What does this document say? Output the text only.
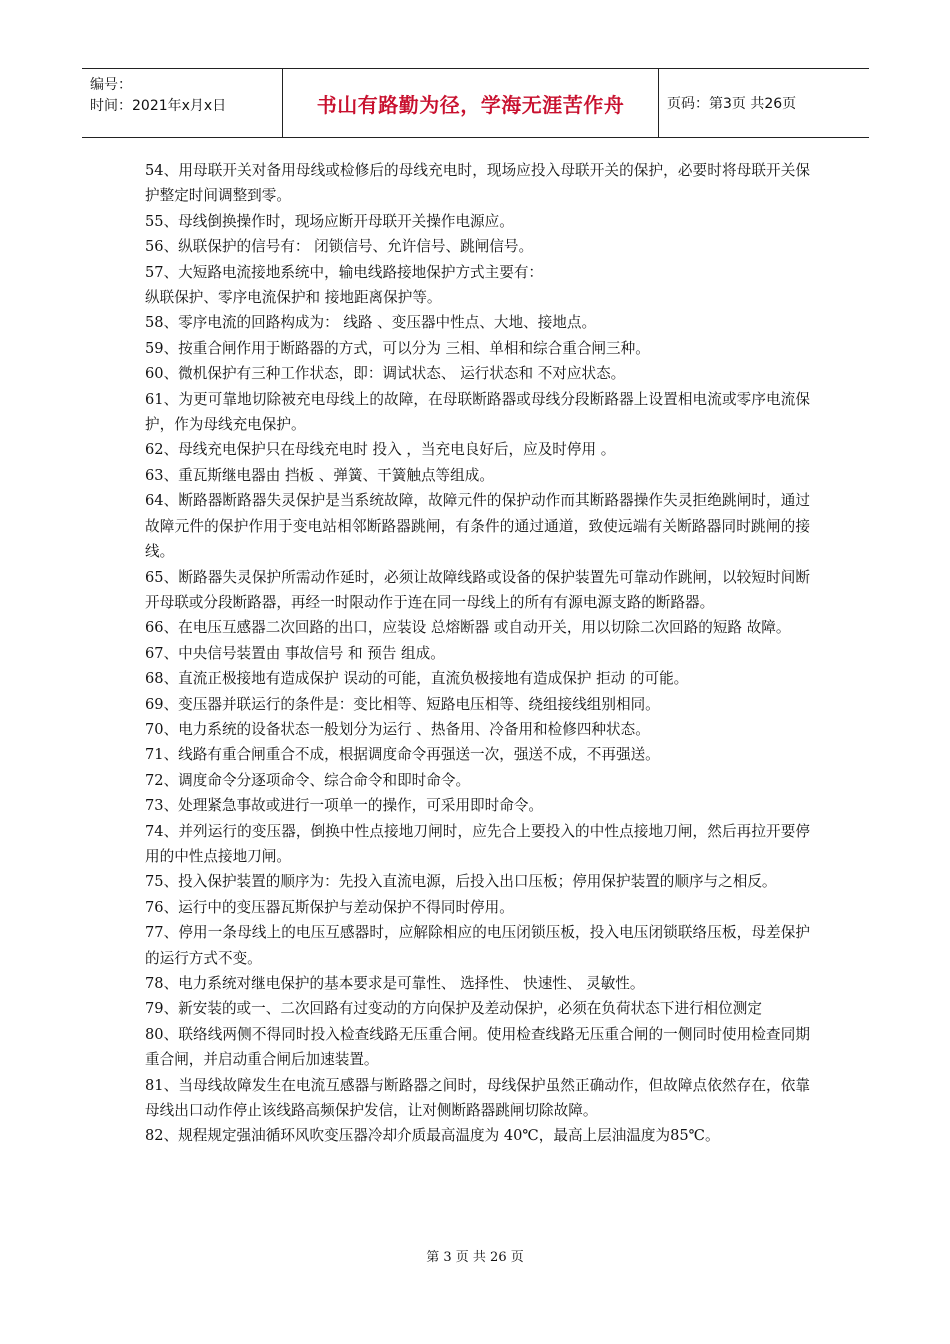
编号：
时间：2021年x月x日	书山有路勤为径，学海无涯苦作舟	页码：第3页 共26页

54、用母联开关对备用母线或检修后的母线充电时，现场应投入母联开关的保护，必要时将母联开关保护整定时间调整到零。

55、母线倒换操作时，现场应断开母联开关操作电源应。

56、纵联保护的信号有： 闭锁信号、允许信号、跳闸信号。

57、大短路电流接地系统中，输电线路接地保护方式主要有：

纵联保护、零序电流保护和 接地距离保护等。

58、零序电流的回路构成为： 线路 、变压器中性点、大地、接地点。

59、按重合闸作用于断路器的方式，可以分为 三相、单相和综合重合闸三种。

60、微机保护有三种工作状态，即：调试状态、 运行状态和 不对应状态。

61、为更可靠地切除被充电母线上的故障，在母联断路器或母线分段断路器上设置相电流或零序电流保护，作为母线充电保护。

62、母线充电保护只在母线充电时 投入 ，当充电良好后，应及时停用 。

63、重瓦斯继电器由 挡板 、弹簧、干簧触点等组成。

64、断路器断路器失灵保护是当系统故障，故障元件的保护动作而其断路器操作失灵拒绝跳闸时，通过故障元件的保护作用于变电站相邻断路器跳闸，有条件的通过通道，致使远端有关断路器同时跳闸的接线。

65、断路器失灵保护所需动作延时，必须让故障线路或设备的保护装置先可靠动作跳闸，以较短时间断开母联或分段断路器，再经一时限动作于连在同一母线上的所有有源电源支路的断路器。

66、在电压互感器二次回路的出口，应装设 总熔断器 或自动开关，用以切除二次回路的短路 故障。

67、中央信号装置由 事故信号 和 预告 组成。

68、直流正极接地有造成保护 误动的可能，直流负极接地有造成保护 拒动 的可能。

69、变压器并联运行的条件是：变比相等、短路电压相等、绕组接线组别相同。

70、电力系统的设备状态一般划分为运行 、热备用、冷备用和检修四种状态。

71、线路有重合闸重合不成，根据调度命令再强送一次，强送不成，不再强送。

72、调度命令分逐项命令、综合命令和即时命令。

73、处理紧急事故或进行一项单一的操作，可采用即时命令。

74、并列运行的变压器，倒换中性点接地刀闸时，应先合上要投入的中性点接地刀闸，然后再拉开要停用的中性点接地刀闸。

75、投入保护装置的顺序为：先投入直流电源，后投入出口压板；停用保护装置的顺序与之相反。

76、运行中的变压器瓦斯保护与差动保护不得同时停用。

77、停用一条母线上的电压互感器时，应解除相应的电压闭锁压板，投入电压闭锁联络压板，母差保护的运行方式不变。

78、电力系统对继电保护的基本要求是可靠性、 选择性、 快速性、 灵敏性。

79、新安装的或一、二次回路有过变动的方向保护及差动保护，必须在负荷状态下进行相位测定

80、联络线两侧不得同时投入检查线路无压重合闸。使用检查线路无压重合闸的一侧同时使用检查同期重合闸，并启动重合闸后加速装置。

81、当母线故障发生在电流互感器与断路器之间时，母线保护虽然正确动作，但故障点依然存在，依靠母线出口动作停止该线路高频保护发信，让对侧断路器跳闸切除故障。

82、规程规定强油循环风吹变压器冷却介质最高温度为 40℃，最高上层油温度为85℃。

第 3 页 共 26 页
